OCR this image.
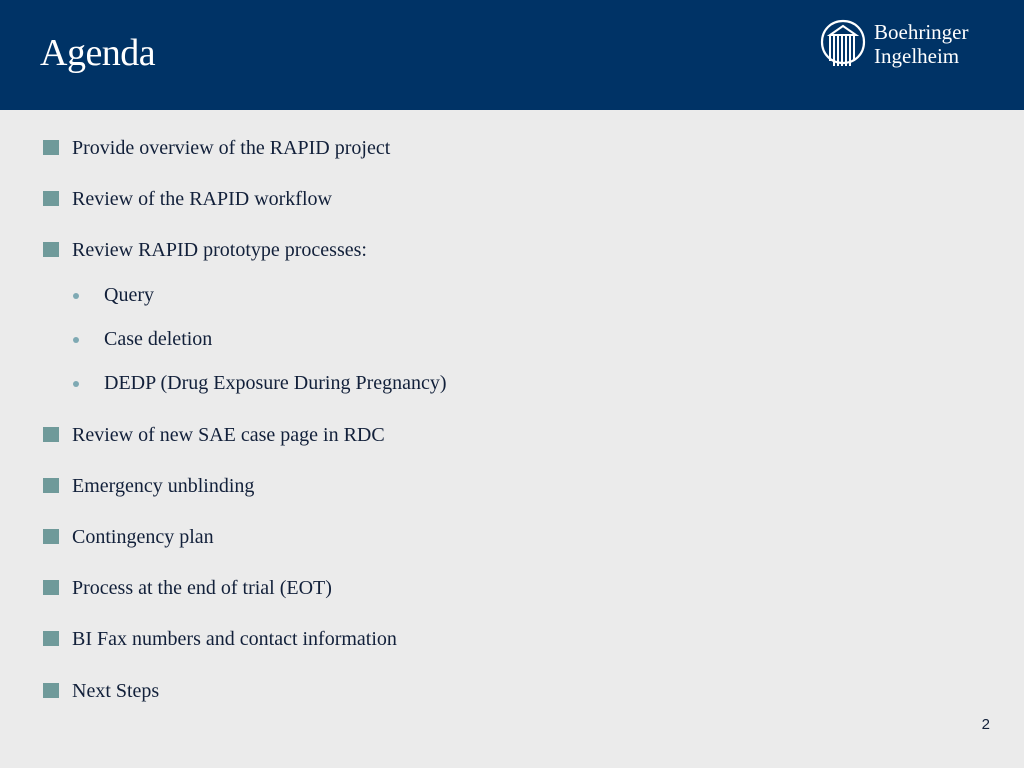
Agenda	Boehringer
Ingelheim
Provide overview of the RAPID project
Review of the RAPID workflow
Review RAPID prototype processes:
Query
Case deletion
DEDP (Drug Exposure During Pregnancy)
Review of new SAE case page in RDC
Emergency unblinding
Contingency plan
Process at the end of trial (EOT)
BI Fax numbers and contact information
Next Steps
2
